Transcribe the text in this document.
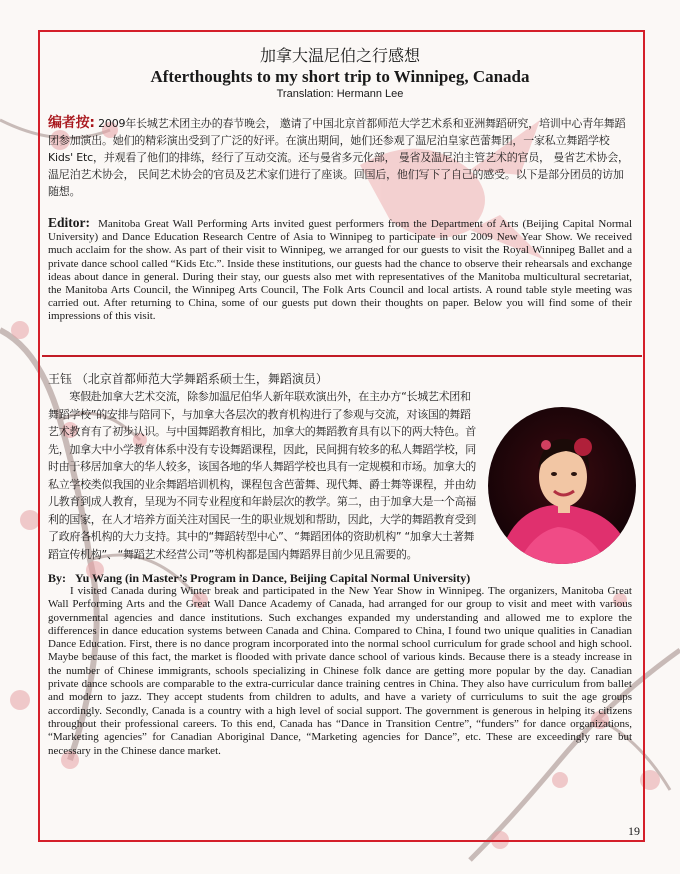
加拿大温尼伯之行感想

Afterthoughts to my short trip to Winnipeg, Canada

Translation: Hermann Lee

编者按: 2009年长城艺术团主办的春节晚会， 邀请了中国北京首都师范大学艺术系和亚洲舞蹈研究，培训中心青年舞蹈团参加演出。她们的精彩演出受到了广泛的好评。在演出期间，她们还参观了温尼泊皇家芭蕾舞团，一家私立舞蹈学校Kids' Etc，并观看了他们的排练，经行了互动交流。还与曼省多元化部， 曼省及温尼泊主管艺术的官员， 曼省艺术协会， 温尼泊艺术协会， 民间艺术协会的官员及艺术家们进行了座谈。回国后，他们写下了自己的感受。以下是部分团员的访加随想。

Editor: Manitoba Great Wall Performing Arts invited guest performers from the Department of Arts (Beijing Capital Normal University) and Dance Education Research Centre of Asia to Winnipeg to participate in our 2009 New Year Show. We received much acclaim for the show. As part of their visit to Winnipeg, we arranged for our guests to visit the Royal Winnipeg Ballet and a private dance school called “Kids Etc.”. Inside these institutions, our guests had the chance to observe their rehearsals and exchange ideas about dance in general. During their stay, our guests also met with representatives of the Manitoba multicultural secretariat, the Manitoba Arts Council, the Winnipeg Arts Council, The Folk Arts Council and local artists. A round table style meeting was carried out. After returning to China, some of our guests put down their thoughts on paper. Below you will find some of their impressions of this visit.

王钰 （北京首都师范大学舞蹈系硕士生，舞蹈演员）

  寒假赴加拿大艺术交流，除参加温尼伯华人新年联欢演出外，在主办方“长城艺术团和舞蹈学校”的安排与陪同下，与加拿大各层次的教育机构进行了参观与交流，对该国的舞蹈艺术教育有了初步认识。与中国舞蹈教育相比，加拿大的舞蹈教育具有以下的两大特色。首先，加拿大中小学教育体系中没有专设舞蹈课程，因此，民间拥有较多的私人舞蹈学校，同时由于移居加拿大的华人较多，该国各地的华人舞蹈学校也具有一定规模和市场。加拿大的私立学校类似我国的业余舞蹈培训机构，课程包含芭蕾舞、现代舞、爵士舞等课程，并由幼儿教育到成人教育，呈现为不同专业程度和年龄层次的教学。第二，由于加拿大是一个高福利的国家，在人才培养方面关注对国民一生的职业规划和帮助，因此，大学的舞蹈教育受到了政府各机构的大力支持。其中的“舞蹈转型中心”、“舞蹈团体的资助机构” “加拿大土著舞蹈宣传机构”、“舞蹈艺术经营公司”等机构都是国内舞蹈界目前少见且需要的。

By: Yu Wang (in Master’s Program in Dance, Beijing Capital Normal University)

  I visited Canada during Winter break and participated in the New Year Show in Winnipeg. The organizers, Manitoba Great Wall Performing Arts and the Great Wall Dance Academy of Canada, had arranged for our group to visit and meet with various governmental agencies and dance institutions. Such exchanges expanded my understanding and allowed me to explore the differences in dance education systems between Canada and China. Compared to China, I found two unique qualities in Canadian Dance Education. First, there is no dance program incorporated into the normal school curriculum for grade school and high school. Maybe because of this fact, the market is flooded with private dance school of various kinds. Because there is a steady increase in the number of Chinese immigrants, schools specializing in Chinese folk dance are getting more popular by the day. Canadian private dance schools are comparable to the extra-curricular dance training centres in China. They also have curriculum from ballet and modern to jazz. They accept students from children to adults, and have a variety of curriculums to suit the age groups accordingly. Secondly, Canada is a country with a high level of social support. The government is generous in helping its citizens throughout their professional careers. To this end, Canada has “Dance in Transition Centre”, “funders” for dance organizations, “Marketing agencies” for Canadian Aboriginal Dance, “Marketing agencies for Dance”, etc. These are exceedingly rare but necessary in the Chinese dance market.

19
